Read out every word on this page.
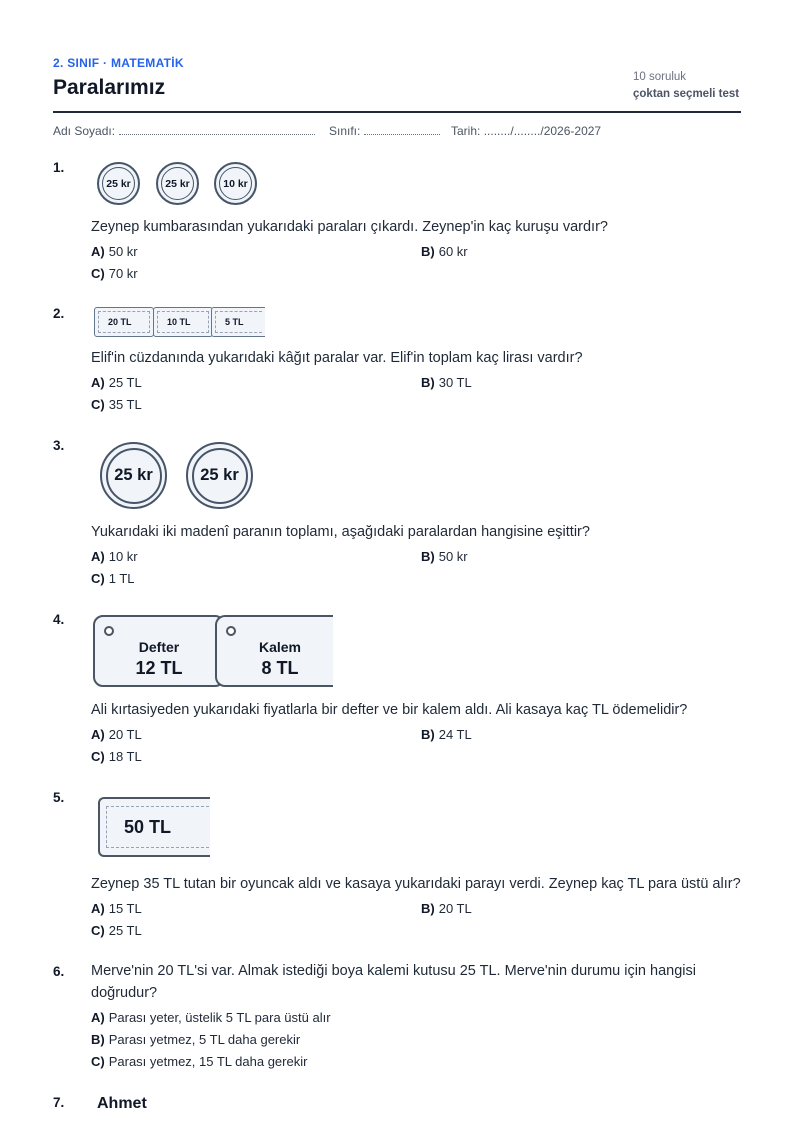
2. SINIF · MATEMATİK
Paralarımız	10 soruluk
çoktan seçmeli test
Adı Soyadı:	Sınıfı:	Tarih: ......../......../2026-2027
1.
25 kr	25 kr	10 kr
Zeynep kumbarasından yukarıdaki paraları çıkardı. Zeynep'in kaç kuruşu vardır?
A) 50 kr	B) 60 kr
C) 70 kr
2.
20 TL	10 TL	5 TL
Elif'in cüzdanında yukarıdaki kâğıt paralar var. Elif'in toplam kaç lirası vardır?
A) 25 TL	B) 30 TL
C) 35 TL
3.
25 kr	25 kr
Yukarıdaki iki madenî paranın toplamı, aşağıdaki paralardan hangisine eşittir?
A) 10 kr	B) 50 kr
C) 1 TL
4.
Defter
12 TL
Kalem
8 TL
Ali kırtasiyeden yukarıdaki fiyatlarla bir defter ve bir kalem aldı. Ali kasaya kaç TL ödemelidir?
A) 20 TL	B) 24 TL
C) 18 TL
5.
50 TL
Zeynep 35 TL tutan bir oyuncak aldı ve kasaya yukarıdaki parayı verdi. Zeynep kaç TL para üstü alır?
A) 15 TL	B) 20 TL
C) 25 TL
6. Merve'nin 20 TL'si var. Almak istediği boya kalemi kutusu 25 TL. Merve'nin durumu için hangisi doğrudur?
A) Parası yeter, üstelik 5 TL para üstü alır
B) Parası yetmez, 5 TL daha gerekir
C) Parası yetmez, 15 TL daha gerekir
7. Ahmet
